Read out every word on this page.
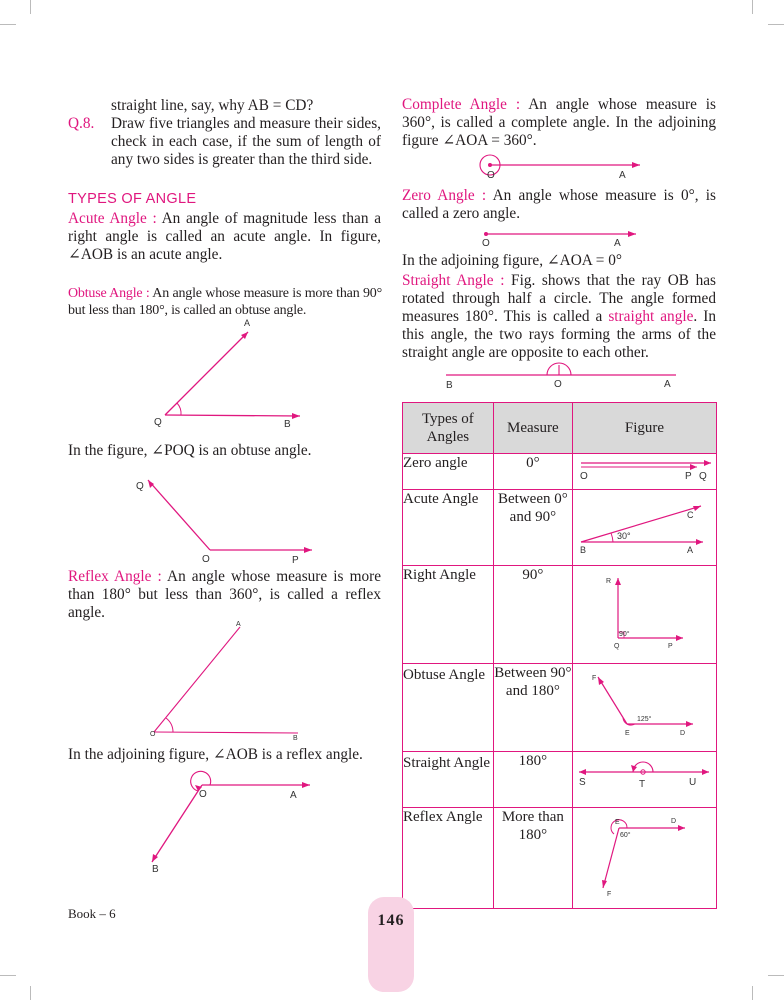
straight line, say, why AB = CD?
Q.8. Draw five triangles and measure their sides, check in each case, if the sum of length of any two sides is greater than the third side.
TYPES OF ANGLE
Acute Angle : An angle of magnitude less than a right angle is called an acute angle. In figure, ∠AOB is an acute angle.
Obtuse Angle : An angle whose measure is more than 90° but less than 180°, is called an obtuse angle.
A
Q	B
In the figure, ∠POQ is an obtuse angle.
Q
O	P
Reflex Angle : An angle whose measure is more than 180° but less than 360°, is called a reflex angle.
A
O
B
In the adjoining figure, ∠AOB is a reflex angle.
O	A
B
Complete Angle : An angle whose measure is 360°, is called a complete angle. In the adjoining figure ∠AOA = 360°.
O	A
Zero Angle : An angle whose measure is 0°, is called a zero angle.
O	A
In the adjoining figure, ∠AOA = 0°
Straight Angle : Fig. shows that the ray OB has rotated through half a circle. The angle formed measures 180°. This is called a straight angle. In this angle, the two rays forming the arms of the straight angle are opposite to each other.
B	O	A
Types of Angles	Measure	Figure
Zero angle	0°	O P Q

Acute Angle	Between 0° and 90°	C
30°
B A

Right Angle	90°	R
90°
Q P

Obtuse Angle	Between 90° and 180°	F
125°
E D

Straight Angle	180°	S T U

Reflex Angle	More than 180°	E D
60°
F
146
Book – 6
